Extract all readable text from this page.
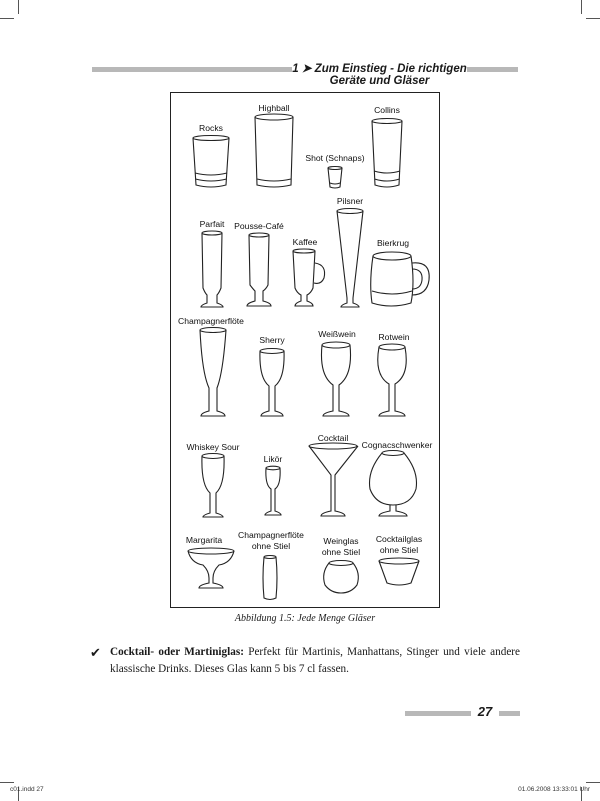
1 ➤ Zum Einstieg - Die richtigen Geräte und Gläser
Rocks
Highball
Shot (Schnaps)
Collins
Parfait Pousse-Café
Kaffee
Pilsner
Bierkrug
Champagnerflöte
Sherry
Weißwein	Rotwein
Whiskey Sour
Likör
Cocktail
Cognacschwenker
Margarita Champagnerflöte
ohne Stiel	Weinglas
ohne Stiel
Cocktailglas
ohne Stiel
Abbildung 1.5: Jede Menge Gläser
✔ Cocktail- oder Martiniglas: Perfekt für Martinis, Manhattans, Stinger und viele andere klassische Drinks. Dieses Glas kann 5 bis 7 cl fassen.
27
c01.indd 27	01.06.2008 13:33:01 Uhr
